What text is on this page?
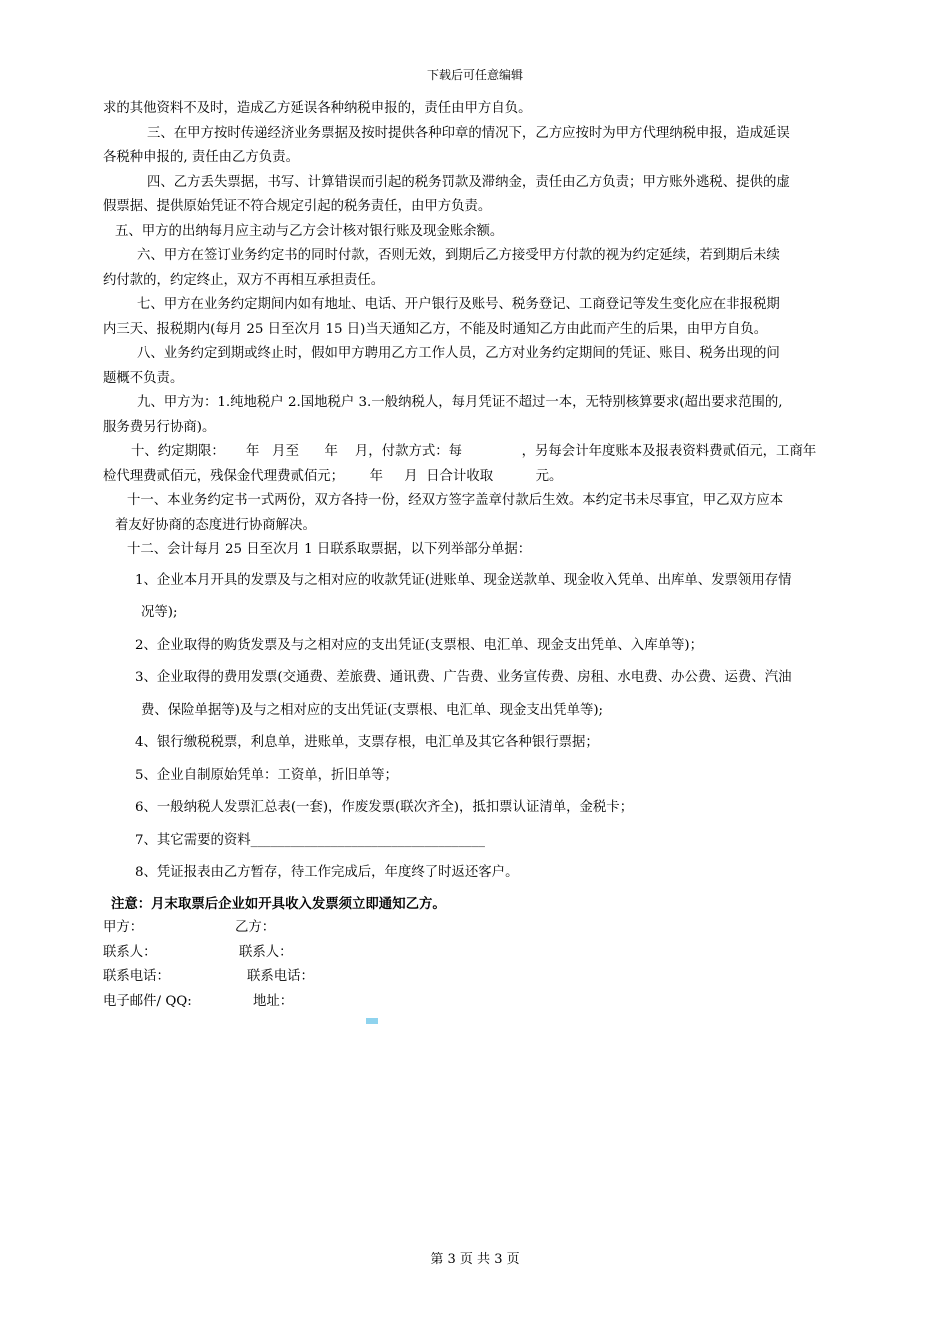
下载后可任意编辑

求的其他资料不及时，造成乙方延误各种纳税申报的，责任由甲方自负。

三、在甲方按时传递经济业务票据及按时提供各种印章的情况下，乙方应按时为甲方代理纳税申报，造成延误

各税种申报的, 责任由乙方负责。

四、乙方丢失票据，书写、计算错误而引起的税务罚款及滞纳金，责任由乙方负责；甲方账外逃税、提供的虚

假票据、提供原始凭证不符合规定引起的税务责任，由甲方负责。

五、甲方的出纳每月应主动与乙方会计核对银行账及现金账余额。

六、甲方在签订业务约定书的同时付款，否则无效，到期后乙方接受甲方付款的视为约定延续，若到期后未续

约付款的，约定终止，双方不再相互承担责任。

七、甲方在业务约定期间内如有地址、电话、开户银行及账号、税务登记、工商登记等发生变化应在非报税期

内三天、报税期内(每月 25 日至次月 15 日)当天通知乙方，不能及时通知乙方由此而产生的后果，由甲方自负。

八、业务约定到期或终止时，假如甲方聘用乙方工作人员，乙方对业务约定期间的凭证、账目、税务出现的问

题概不负责。

九、甲方为：1.纯地税户 2.国地税户 3.一般纳税人，每月凭证不超过一本，无特别核算要求(超出要求范围的,

服务费另行协商)。

十、约定期限：     年   月至      年    月，付款方式：每              ，另每会计年度账本及报表资料费贰佰元，工商年

检代理费贰佰元，残保金代理费贰佰元；      年     月  日合计收取          元。

十一、本业务约定书一式两份，双方各持一份，经双方签字盖章付款后生效。本约定书未尽事宜，甲乙双方应本

着友好协商的态度进行协商解决。

十二、会计每月 25 日至次月 1 日联系取票据，以下列举部分单据：

1、企业本月开具的发票及与之相对应的收款凭证(进账单、现金送款单、现金收入凭单、出库单、发票领用存情

况等);

2、企业取得的购货发票及与之相对应的支出凭证(支票根、电汇单、现金支出凭单、入库单等)；

3、企业取得的费用发票(交通费、差旅费、通讯费、广告费、业务宣传费、房租、水电费、办公费、运费、汽油

费、保险单据等)及与之相对应的支出凭证(支票根、电汇单、现金支出凭单等);

4、银行缴税税票，利息单，进账单，支票存根，电汇单及其它各种银行票据；

5、企业自制原始凭单：工资单，折旧单等；

6、一般纳税人发票汇总表(一套)，作废发票(联次齐全)，抵扣票认证清单，金税卡；

7、其它需要的资料___________________________________

8、凭证报表由乙方暂存，待工作完成后，年度终了时返还客户。

注意：月末取票后企业如开具收入发票须立即通知乙方。

甲方：	乙方：
联系人：	联系人：
联系电话：	联系电话：
电子邮件/ QQ:	地址：
第 3 页 共 3 页
